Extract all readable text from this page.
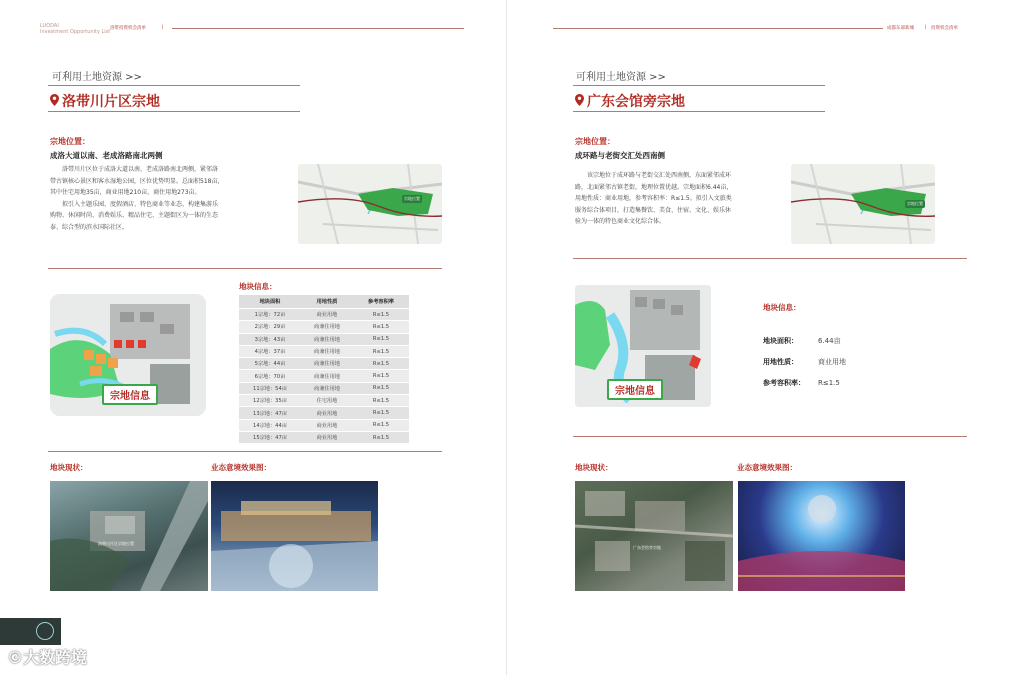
LUODAI
Investment Opportunity List
洛带投资机会清单	|
可利用土地资源 >>
洛带川片区宗地
宗地位置：
成洛大道以南、老成洛路南北两侧
洛带川片区位于成洛大道以南、老成洛路南北两侧，紧邻洛
带古镇核心景区和客水湿地公园，区位优势明显。总面积518亩，
其中住宅用地35亩，商业用地210亩，商住用地273亩。
拟引入主题乐园、度假酒店、特色商业等业态，构建集游乐
购物、休闲时尚、消费娱乐、精品住宅、主题街区为一体的生态
泰、综合型的滨水国际社区。
宗地位置
宗地信息
地块信息：
地块面积	用地性质	参考容积率
1宗地：72亩	商业用地	R≤1.5
2宗地：29亩	商兼住用地	R≤1.5
3宗地：43亩	商兼住用地	R≤1.5
4宗地：37亩	商兼住用地	R≤1.5
5宗地：44亩	商兼住用地	R≤1.5
6宗地：70亩	商兼住用地	R≤1.5
11宗地：54亩	商兼住用地	R≤1.5
12宗地：35亩	住宅用地	R≤1.5
13宗地：47亩	商业用地	R≤1.5
14宗地：44亩	商业用地	R≤1.5
15宗地：47亩	商业用地	R≤1.5
地块现状：	业态意境效果图：
洛带川片区宗地位置
©大数跨境
成都东部新城 | 投资机会清单
可利用土地资源 >>
广东会馆旁宗地
宗地位置：
成环路与老街交汇处西南侧
该宗地位于成环路与老街交汇处西南侧，东面紧邻成环
路，北面紧邻古镇老街，地理位置优越。宗地面积6.44亩，
用地性质：商业用地，参考容积率：R≤1.5。拟引入文旅类
服务综合体项目，打造集餐饮、美食、住宿、文化、娱乐休
验为一体的特色商业文化综合体。
宗地位置
宗地信息
地块信息：
地块面积：	6.44亩
用地性质：	商业用地
参考容积率： R≤1.5
地块现状：	业态意境效果图：
广东会馆旁宗地
